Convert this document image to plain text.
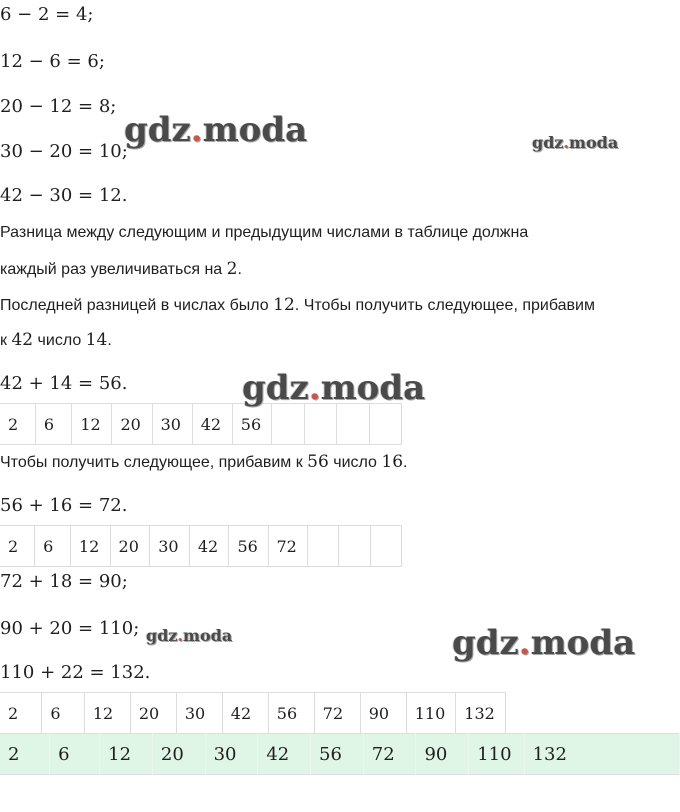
6 − 2 = 4;
12 − 6 = 6;
20 − 12 = 8;
30 − 20 = 10;
42 − 30 = 12.
Разница между следующим и предыдущим числами в таблице должна
каждый раз увеличиваться на 2.
Последней разницей в числах было 12. Чтобы получить следующее, прибавим
к 42 число 14.
42 + 14 = 56.
2	6	12	20	30	42	56				
Чтобы получить следующее, прибавим к 56 число 16.
56 + 16 = 72.
2	6	12	20	30	42	56	72			
72 + 18 = 90;
90 + 20 = 110;
110 + 22 = 132.
2	6	12	20	30	42	56	72	90	110	132
2	6	12	20	30	42	56	72	90	110	132
gdz.moda	gdz.moda
gdz.moda
gdz.moda	gdz.moda
